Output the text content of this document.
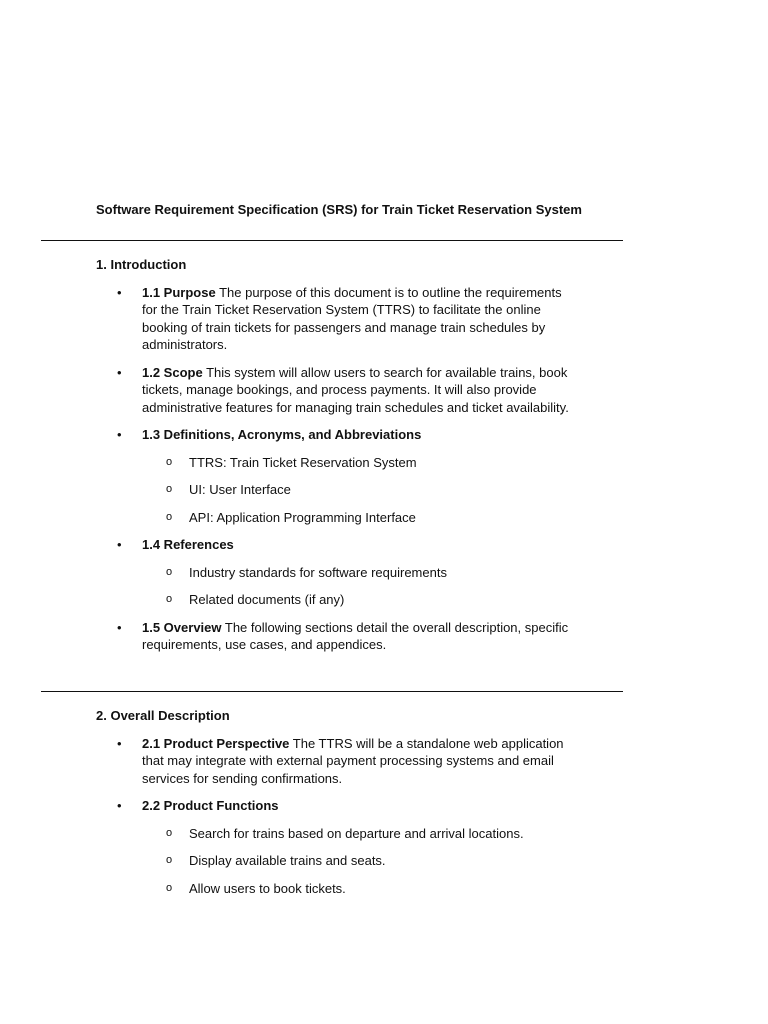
Software Requirement Specification (SRS) for Train Ticket Reservation System
1. Introduction
• 1.1 Purpose The purpose of this document is to outline the requirements for the Train Ticket Reservation System (TTRS) to facilitate the online booking of train tickets for passengers and manage train schedules by administrators.
• 1.2 Scope This system will allow users to search for available trains, book tickets, manage bookings, and process payments. It will also provide administrative features for managing train schedules and ticket availability.
• 1.3 Definitions, Acronyms, and Abbreviations
o TTRS: Train Ticket Reservation System
o UI: User Interface
o API: Application Programming Interface
• 1.4 References
o Industry standards for software requirements
o Related documents (if any)
• 1.5 Overview The following sections detail the overall description, specific requirements, use cases, and appendices.
2. Overall Description
• 2.1 Product Perspective The TTRS will be a standalone web application that may integrate with external payment processing systems and email services for sending confirmations.
• 2.2 Product Functions
o Search for trains based on departure and arrival locations.
o Display available trains and seats.
o Allow users to book tickets.
